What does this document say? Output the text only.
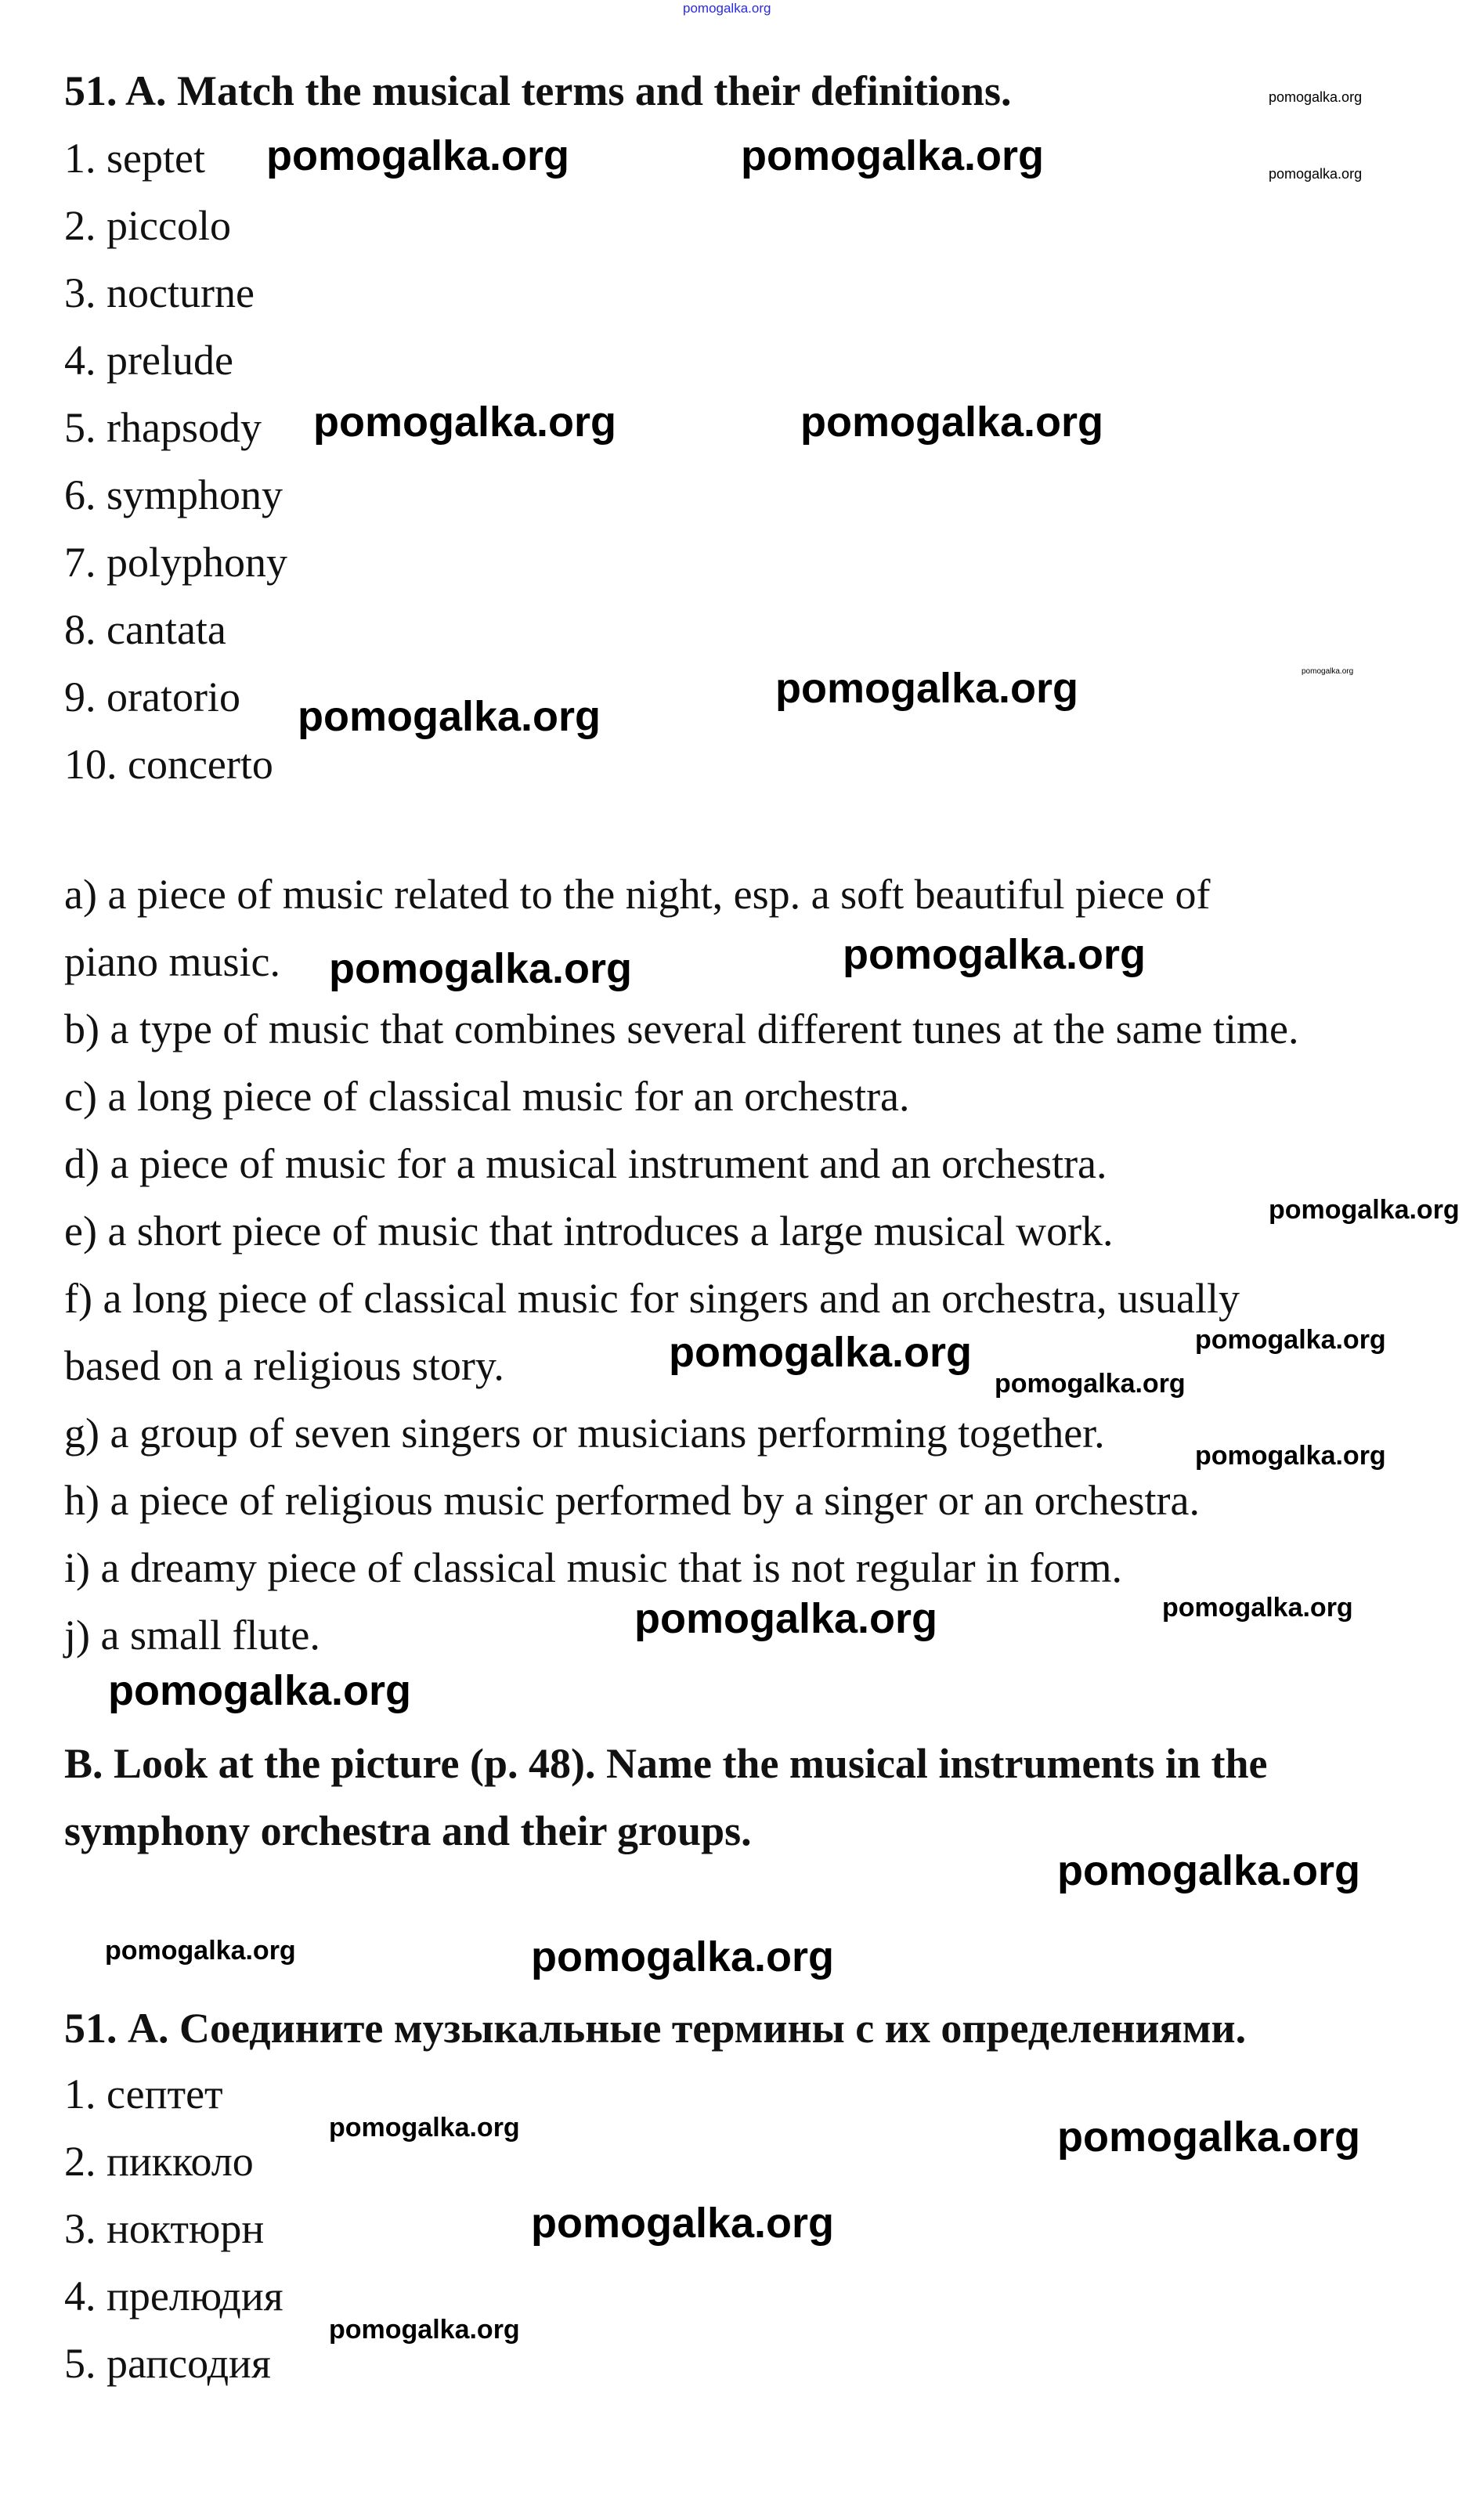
pomogalka.org
51. A. Match the musical terms and their definitions.
1. septet
2. piccolo
3. nocturne
4. prelude
5. rhapsody
6. symphony
7. polyphony
8. cantata
9. oratorio
10. concerto
a) a piece of music related to the night, esp. a soft beautiful piece of
piano music.
b) a type of music that combines several different tunes at the same time.
c) a long piece of classical music for an orchestra.
d) a piece of music for a musical instrument and an orchestra.
e) a short piece of music that introduces a large musical work.
f) a long piece of classical music for singers and an orchestra, usually
based on a religious story.
g) a group of seven singers or musicians performing together.
h) a piece of religious music performed by a singer or an orchestra.
i) a dreamy piece of classical music that is not regular in form.
j) a small flute.
B. Look at the picture (p. 48). Name the musical instruments in the
symphony orchestra and their groups.
51. А. Соедините музыкальные термины с их определениями.
1. септет
2. пикколо
3. ноктюрн
4. прелюдия
5. рапсодия
pomogalka.org	pomogalka.org
pomogalka.org	pomogalka.org
pomogalka.org
pomogalka.org
pomogalka.org
pomogalka.org
pomogalka.org
pomogalka.org
pomogalka.org
pomogalka.org
pomogalka.org
pomogalka.org
pomogalka.org
pomogalka.org
pomogalka.org
pomogalka.org
pomogalka.org
pomogalka.org
pomogalka.org
pomogalka.org
pomogalka.org
pomogalka.org
pomogalka.org
pomogalka.org
